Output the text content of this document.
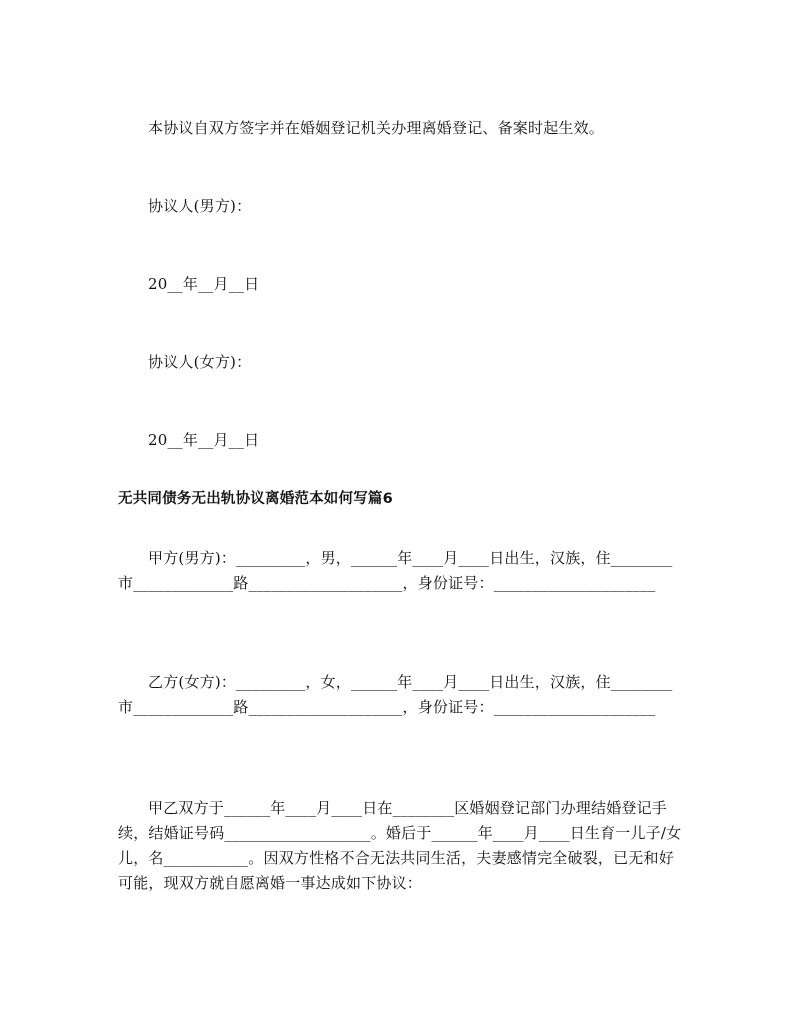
本协议自双方签字并在婚姻登记机关办理离婚登记、备案时起生效。

协议人(男方)：

20__年__月__日

协议人(女方)：

20__年__月__日

无共同债务无出轨协议离婚范本如何写篇6

甲方(男方)：_________，男，______年____月____日出生，汉族，住________市_____________路____________________，身份证号：_____________________

乙方(女方)：_________，女，______年____月____日出生，汉族，住________市_____________路____________________，身份证号：_____________________

甲乙双方于______年____月____日在________区婚姻登记部门办理结婚登记手续，结婚证号码___________________。婚后于______年____月____日生育一儿子/女儿，名___________。因双方性格不合无法共同生活，夫妻感情完全破裂，已无和好可能，现双方就自愿离婚一事达成如下协议：
